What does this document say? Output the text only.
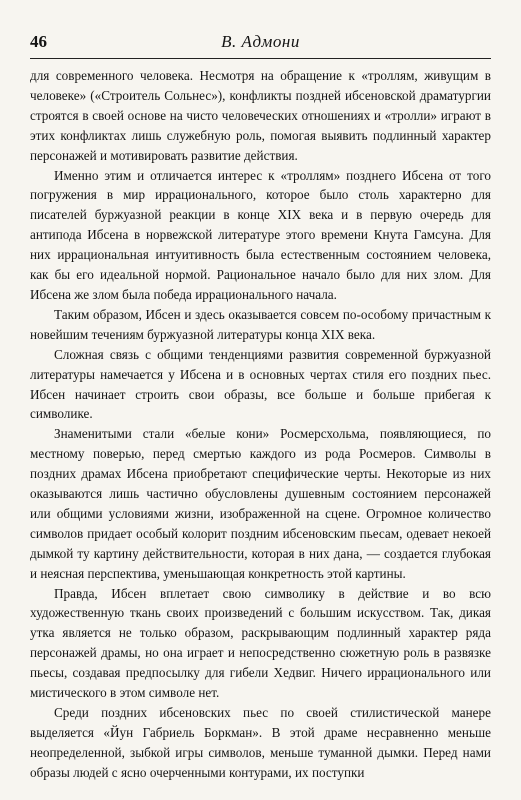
46	В. Адмони

для современного человека. Несмотря на обращение к «троллям, живущим в человеке» («Строитель Сольнес»), конфликты поздней ибсеновской драматургии строятся в своей основе на чисто человеческих отношениях и «тролли» играют в этих конфликтах лишь служебную роль, помогая выявить подлинный характер персонажей и мотивировать развитие действия.

Именно этим и отличается интерес к «троллям» позднего Ибсена от того погружения в мир иррационального, которое было столь характерно для писателей буржуазной реакции в конце XIX века и в первую очередь для антипода Ибсена в норвежской литературе этого времени Кнута Гамсуна. Для них иррациональная интуитивность была естественным состоянием человека, как бы его идеальной нормой. Рациональное начало было для них злом. Для Ибсена же злом была победа иррационального начала.

Таким образом, Ибсен и здесь оказывается совсем по-особому причастным к новейшим течениям буржуазной литературы конца XIX века.

Сложная связь с общими тенденциями развития современной буржуазной литературы намечается у Ибсена и в основных чертах стиля его поздних пьес. Ибсен начинает строить свои образы, все больше и больше прибегая к символике.

Знаменитыми стали «белые кони» Росмерсхольма, появляющиеся, по местному поверью, перед смертью каждого из рода Росмеров. Символы в поздних драмах Ибсена приобретают специфические черты. Некоторые из них оказываются лишь частично обусловлены душевным состоянием персонажей или общими условиями жизни, изображенной на сцене. Огромное количество символов придает особый колорит поздним ибсеновским пьесам, одевает некоей дымкой ту картину действительности, которая в них дана, — создается глубокая и неясная перспектива, уменьшающая конкретность этой картины.

Правда, Ибсен вплетает свою символику в действие и во всю художественную ткань своих произведений с большим искусством. Так, дикая утка является не только образом, раскрывающим подлинный характер ряда персонажей драмы, но она играет и непосредственно сюжетную роль в развязке пьесы, создавая предпосылку для гибели Хедвиг. Ничего иррационального или мистического в этом символе нет.

Среди поздних ибсеновских пьес по своей стилистической манере выделяется «Йун Габриель Боркман». В этой драме несравненно меньше неопределенной, зыбкой игры символов, меньше туманной дымки. Перед нами образы людей с ясно очерченными контурами, их поступки
